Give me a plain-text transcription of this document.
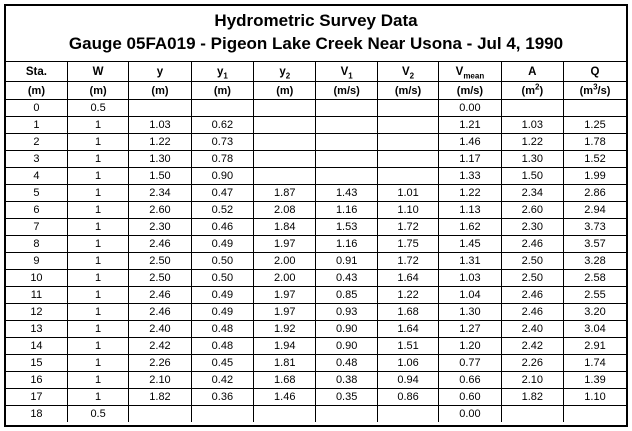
Hydrometric Survey Data
Gauge 05FA019 - Pigeon Lake Creek Near Usona - Jul 4, 1990
Sta.	W	y	$y_1$	$y_2$	$V_1$	$V_2$	$V_{mean}$	A	Q
(m)	(m)	(m)	(m)	(m)	(m/s)	(m/s)	(m/s)	$(m^2)$	$(m^3/s)$
0	0.5						0.00		
1	1	1.03	0.62				1.21	1.03	1.25
2	1	1.22	0.73				1.46	1.22	1.78
3	1	1.30	0.78				1.17	1.30	1.52
4	1	1.50	0.90				1.33	1.50	1.99
5	1	2.34	0.47	1.87	1.43	1.01	1.22	2.34	2.86
6	1	2.60	0.52	2.08	1.16	1.10	1.13	2.60	2.94
7	1	2.30	0.46	1.84	1.53	1.72	1.62	2.30	3.73
8	1	2.46	0.49	1.97	1.16	1.75	1.45	2.46	3.57
9	1	2.50	0.50	2.00	0.91	1.72	1.31	2.50	3.28
10	1	2.50	0.50	2.00	0.43	1.64	1.03	2.50	2.58
11	1	2.46	0.49	1.97	0.85	1.22	1.04	2.46	2.55
12	1	2.46	0.49	1.97	0.93	1.68	1.30	2.46	3.20
13	1	2.40	0.48	1.92	0.90	1.64	1.27	2.40	3.04
14	1	2.42	0.48	1.94	0.90	1.51	1.20	2.42	2.91
15	1	2.26	0.45	1.81	0.48	1.06	0.77	2.26	1.74
16	1	2.10	0.42	1.68	0.38	0.94	0.66	2.10	1.39
17	1	1.82	0.36	1.46	0.35	0.86	0.60	1.82	1.10
18	0.5						0.00		
